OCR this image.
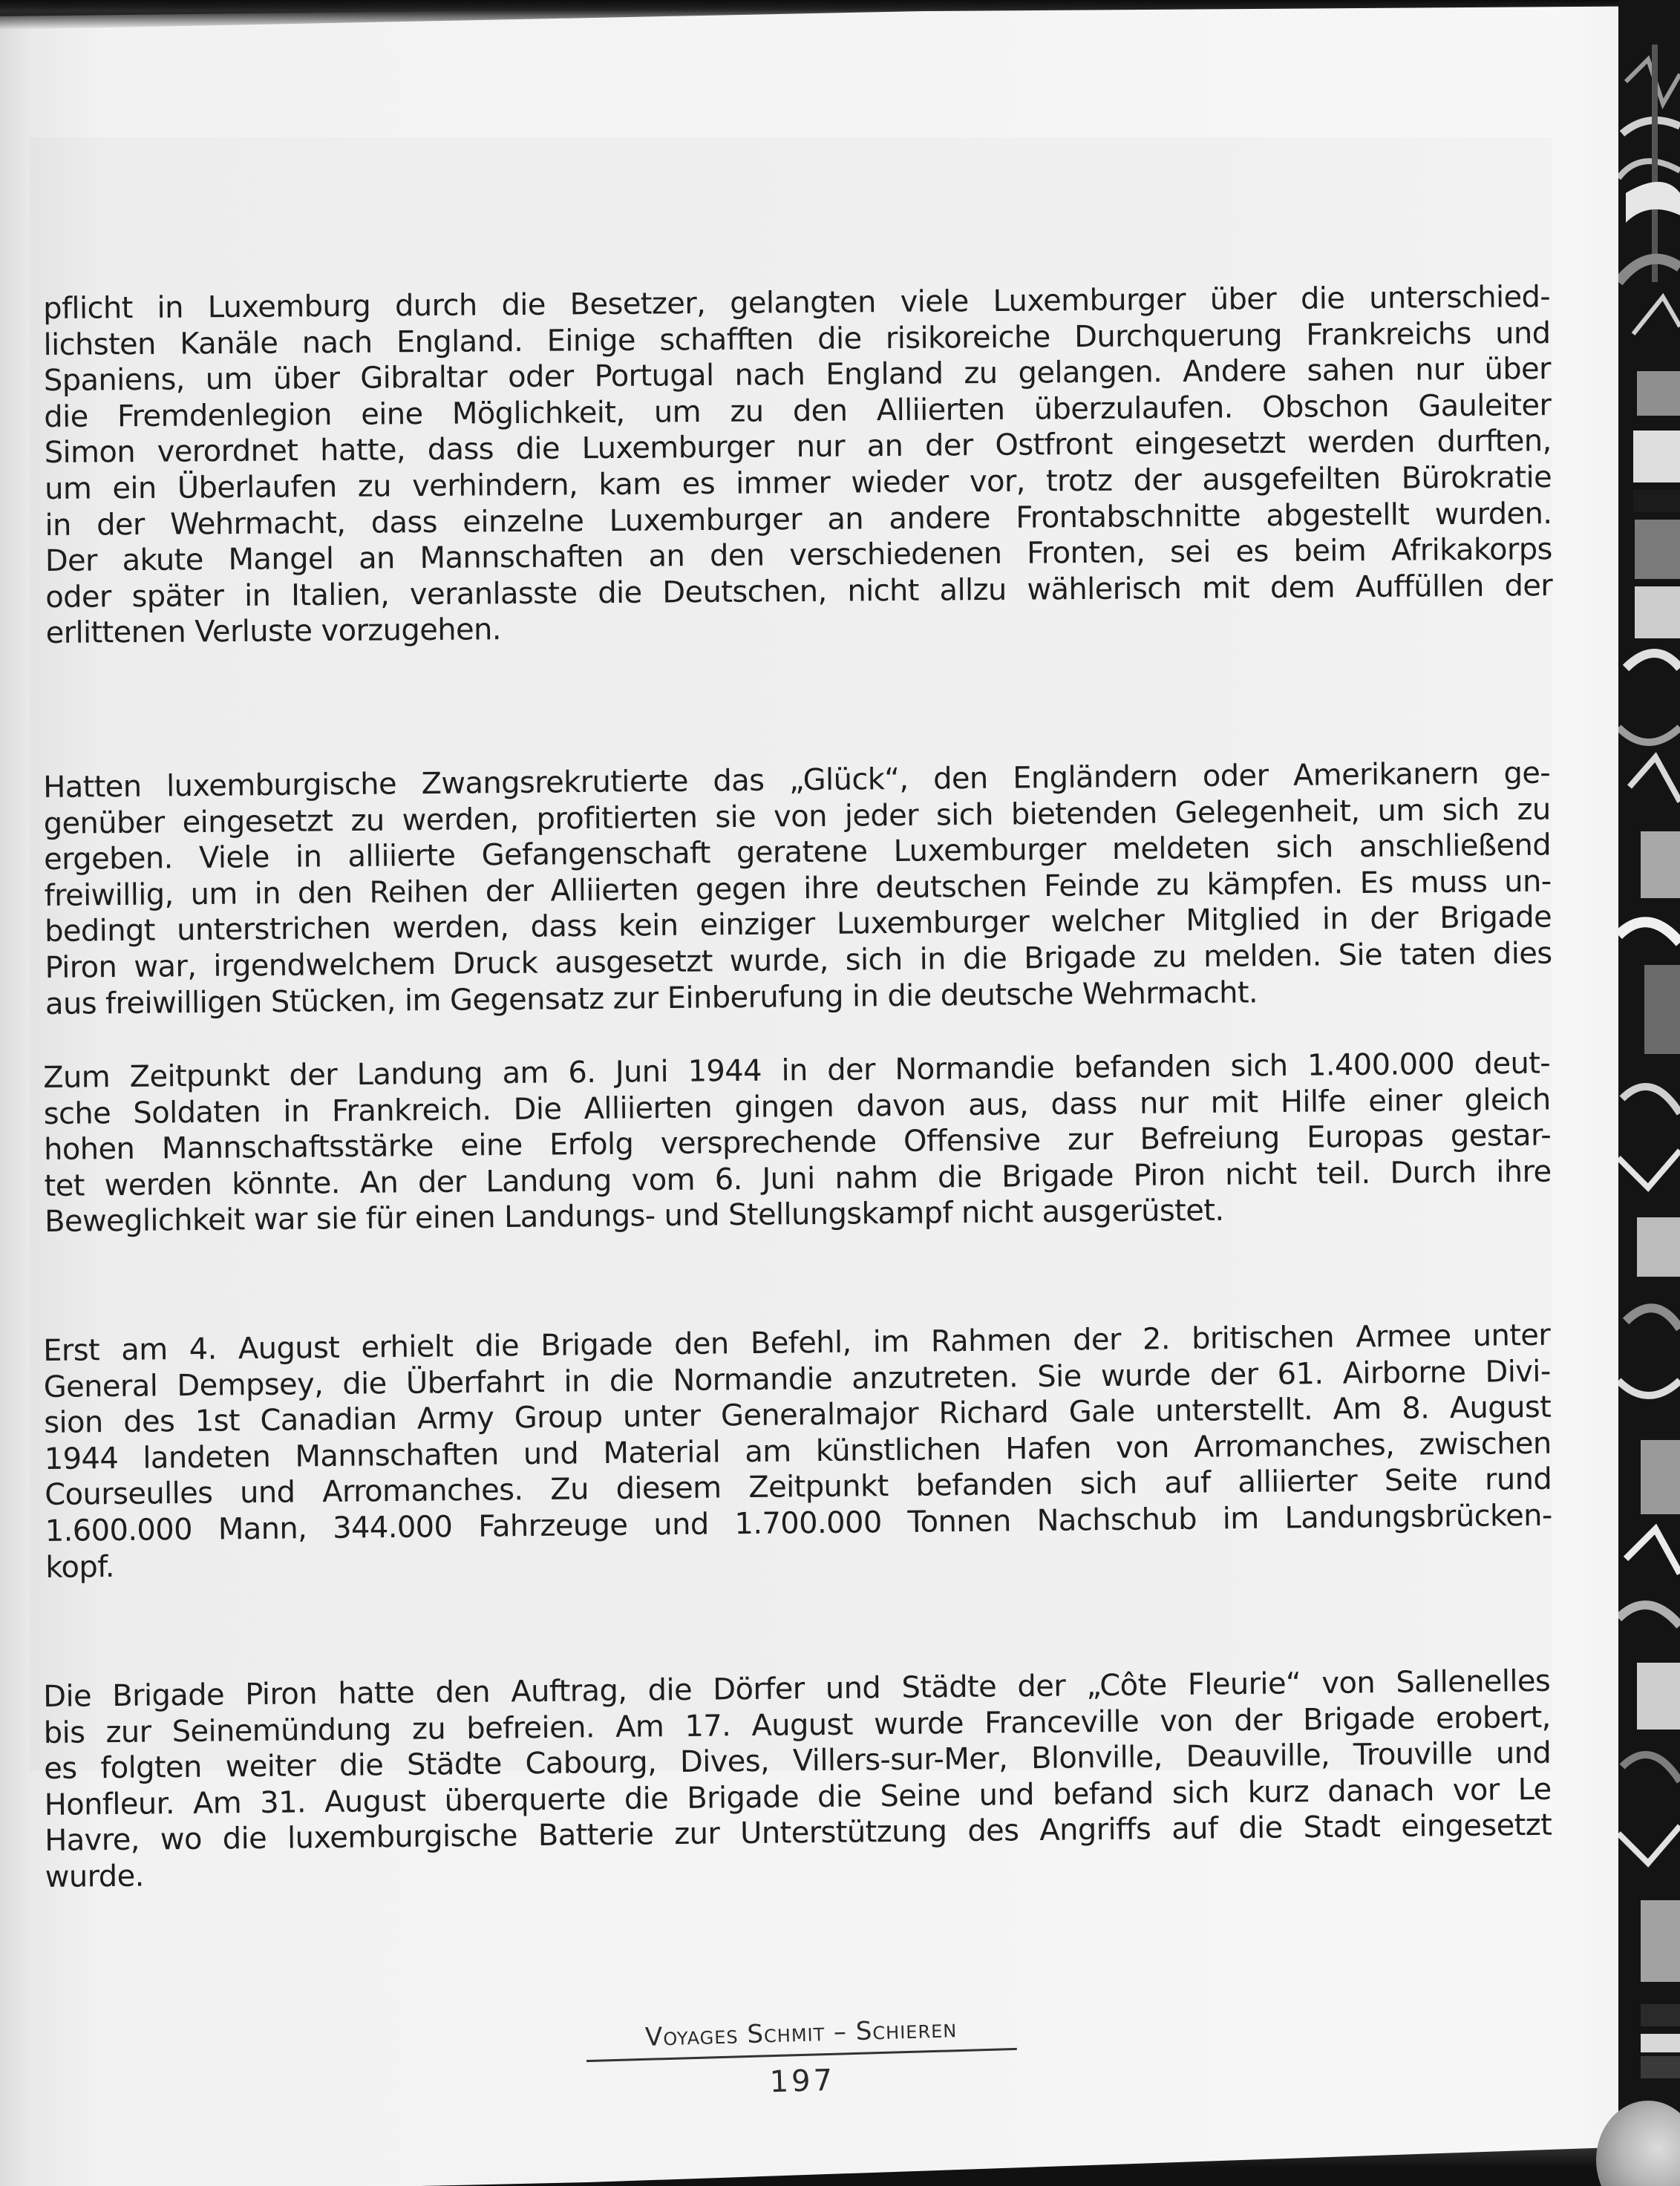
pflicht in Luxemburg durch die Besetzer, gelangten viele Luxemburger über die unterschied-
lichsten Kanäle nach England. Einige schafften die risikoreiche Durchquerung Frankreichs und
Spaniens, um über Gibraltar oder Portugal nach England zu gelangen. Andere sahen nur über
die Fremdenlegion eine Möglichkeit, um zu den Alliierten überzulaufen. Obschon Gauleiter
Simon verordnet hatte, dass die Luxemburger nur an der Ostfront eingesetzt werden durften,
um ein Überlaufen zu verhindern, kam es immer wieder vor, trotz der ausgefeilten Bürokratie
in der Wehrmacht, dass einzelne Luxemburger an andere Frontabschnitte abgestellt wurden.
Der akute Mangel an Mannschaften an den verschiedenen Fronten, sei es beim Afrikakorps
oder später in Italien, veranlasste die Deutschen, nicht allzu wählerisch mit dem Auffüllen der
erlittenen Verluste vorzugehen.

Hatten luxemburgische Zwangsrekrutierte das „Glück“, den Engländern oder Amerikanern ge-
genüber eingesetzt zu werden, profitierten sie von jeder sich bietenden Gelegenheit, um sich zu
ergeben. Viele in alliierte Gefangenschaft geratene Luxemburger meldeten sich anschließend
freiwillig, um in den Reihen der Alliierten gegen ihre deutschen Feinde zu kämpfen. Es muss un-
bedingt unterstrichen werden, dass kein einziger Luxemburger welcher Mitglied in der Brigade
Piron war, irgendwelchem Druck ausgesetzt wurde, sich in die Brigade zu melden. Sie taten dies
aus freiwilligen Stücken, im Gegensatz zur Einberufung in die deutsche Wehrmacht.

Zum Zeitpunkt der Landung am 6. Juni 1944 in der Normandie befanden sich 1.400.000 deut-
sche Soldaten in Frankreich. Die Alliierten gingen davon aus, dass nur mit Hilfe einer gleich
hohen Mannschaftsstärke eine Erfolg versprechende Offensive zur Befreiung Europas gestar-
tet werden könnte. An der Landung vom 6. Juni nahm die Brigade Piron nicht teil. Durch ihre
Beweglichkeit war sie für einen Landungs- und Stellungskampf nicht ausgerüstet.

Erst am 4. August erhielt die Brigade den Befehl, im Rahmen der 2. britischen Armee unter
General Dempsey, die Überfahrt in die Normandie anzutreten. Sie wurde der 61. Airborne Divi-
sion des 1st Canadian Army Group unter Generalmajor Richard Gale unterstellt. Am 8. August
1944 landeten Mannschaften und Material am künstlichen Hafen von Arromanches, zwischen
Courseulles und Arromanches. Zu diesem Zeitpunkt befanden sich auf alliierter Seite rund
1.600.000 Mann, 344.000 Fahrzeuge und 1.700.000 Tonnen Nachschub im Landungsbrücken-
kopf.

Die Brigade Piron hatte den Auftrag, die Dörfer und Städte der „Côte Fleurie“ von Sallenelles
bis zur Seinemündung zu befreien. Am 17. August wurde Franceville von der Brigade erobert,
es folgten weiter die Städte Cabourg, Dives, Villers-sur-Mer, Blonville, Deauville, Trouville und
Honfleur. Am 31. August überquerte die Brigade die Seine und befand sich kurz danach vor Le
Havre, wo die luxemburgische Batterie zur Unterstützung des Angriffs auf die Stadt eingesetzt
wurde.

Voyages Schmit – Schieren
197
